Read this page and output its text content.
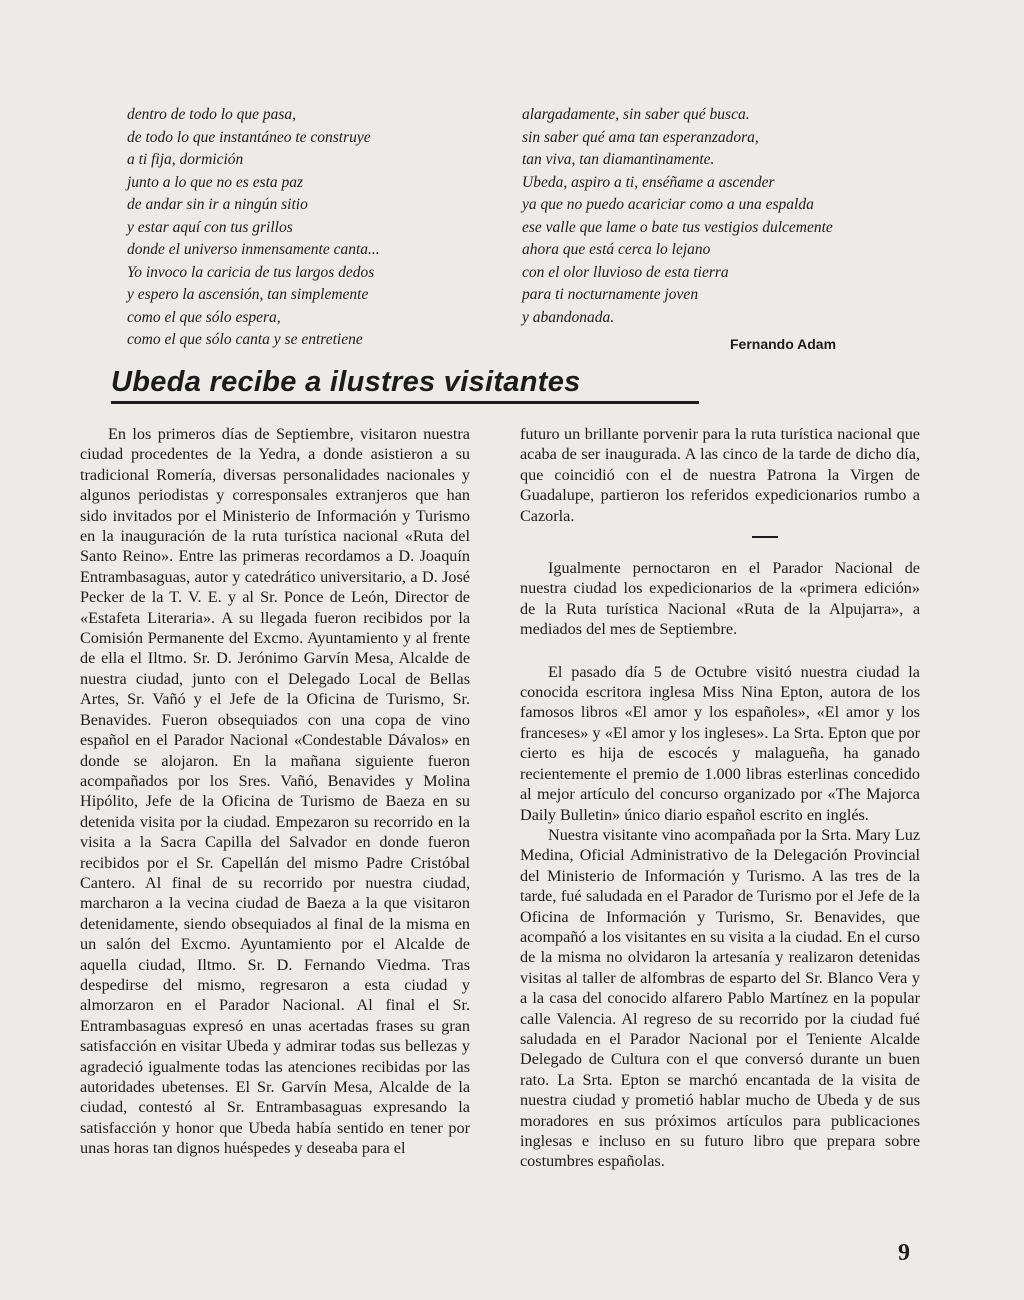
dentro de todo lo que pasa,
de todo lo que instantáneo te construye
a ti fija, dormición
junto a lo que no es esta paz
de andar sin ir a ningún sitio
y estar aquí con tus grillos
donde el universo inmensamente canta...
Yo invoco la caricia de tus largos dedos
y espero la ascensión, tan simplemente
como el que sólo espera,
como el que sólo canta y se entretiene
alargadamente, sin saber qué busca.
sin saber qué ama tan esperanzadora,
tan viva, tan diamantinamente.
Ubeda, aspiro a ti, enséñame a ascender
ya que no puedo acariciar como a una espalda
ese valle que lame o bate tus vestigios dulcemente
ahora que está cerca lo lejano
con el olor lluvioso de esta tierra
para ti nocturnamente joven
y abandonada.
Fernando Adam
Ubeda recibe a ilustres visitantes

En los primeros días de Septiembre, visitaron nuestra ciudad procedentes de la Yedra, a donde asistieron a su tradicional Romería, diversas personalidades nacionales y algunos periodistas y corresponsales extranjeros que han sido invitados por el Ministerio de Información y Turismo en la inauguración de la ruta turística nacional «Ruta del Santo Reino». Entre las primeras recordamos a D. Joaquín Entrambasaguas, autor y catedrático universitario, a D. José Pecker de la T. V. E. y al Sr. Ponce de León, Director de «Estafeta Literaria». A su llegada fueron recibidos por la Comisión Permanente del Excmo. Ayuntamiento y al frente de ella el Iltmo. Sr. D. Jerónimo Garvín Mesa, Alcalde de nuestra ciudad, junto con el Delegado Local de Bellas Artes, Sr. Vañó y el Jefe de la Oficina de Turismo, Sr. Benavides. Fueron obsequiados con una copa de vino español en el Parador Nacional «Condestable Dávalos» en donde se alojaron. En la mañana siguiente fueron acompañados por los Sres. Vañó, Benavides y Molina Hipólito, Jefe de la Oficina de Turismo de Baeza en su detenida visita por la ciudad. Empezaron su recorrido en la visita a la Sacra Capilla del Salvador en donde fueron recibidos por el Sr. Capellán del mismo Padre Cristóbal Cantero. Al final de su recorrido por nuestra ciudad, marcharon a la vecina ciudad de Baeza a la que visitaron detenidamente, siendo obsequiados al final de la misma en un salón del Excmo. Ayuntamiento por el Alcalde de aquella ciudad, Iltmo. Sr. D. Fernando Viedma. Tras despedirse del mismo, regresaron a esta ciudad y almorzaron en el Parador Nacional. Al final el Sr. Entrambasaguas expresó en unas acertadas frases su gran satisfacción en visitar Ubeda y admirar todas sus bellezas y agradeció igualmente todas las atenciones recibidas por las autoridades ubetenses. El Sr. Garvín Mesa, Alcalde de la ciudad, contestó al Sr. Entrambasaguas expresando la satisfacción y honor que Ubeda había sentido en tener por unas horas tan dignos huéspedes y deseaba para el

futuro un brillante porvenir para la ruta turística nacional que acaba de ser inaugurada. A las cinco de la tarde de dicho día, que coincidió con el de nuestra Patrona la Virgen de Guadalupe, partieron los referidos expedicionarios rumbo a Cazorla.

Igualmente pernoctaron en el Parador Nacional de nuestra ciudad los expedicionarios de la «primera edición» de la Ruta turística Nacional «Ruta de la Alpujarra», a mediados del mes de Septiembre.

El pasado día 5 de Octubre visitó nuestra ciudad la conocida escritora inglesa Miss Nina Epton, autora de los famosos libros «El amor y los españoles», «El amor y los franceses» y «El amor y los ingleses». La Srta. Epton que por cierto es hija de escocés y malagueña, ha ganado recientemente el premio de 1.000 libras esterlinas concedido al mejor artículo del concurso organizado por «The Majorca Daily Bulletin» único diario español escrito en inglés.

Nuestra visitante vino acompañada por la Srta. Mary Luz Medina, Oficial Administrativo de la Delegación Provincial del Ministerio de Información y Turismo. A las tres de la tarde, fué saludada en el Parador de Turismo por el Jefe de la Oficina de Información y Turismo, Sr. Benavides, que acompañó a los visitantes en su visita a la ciudad. En el curso de la misma no olvidaron la artesanía y realizaron detenidas visitas al taller de alfombras de esparto del Sr. Blanco Vera y a la casa del conocido alfarero Pablo Martínez en la popular calle Valencia. Al regreso de su recorrido por la ciudad fué saludada en el Parador Nacional por el Teniente Alcalde Delegado de Cultura con el que conversó durante un buen rato. La Srta. Epton se marchó encantada de la visita de nuestra ciudad y prometió hablar mucho de Ubeda y de sus moradores en sus próximos artículos para publicaciones inglesas e incluso en su futuro libro que prepara sobre costumbres españolas.

9
